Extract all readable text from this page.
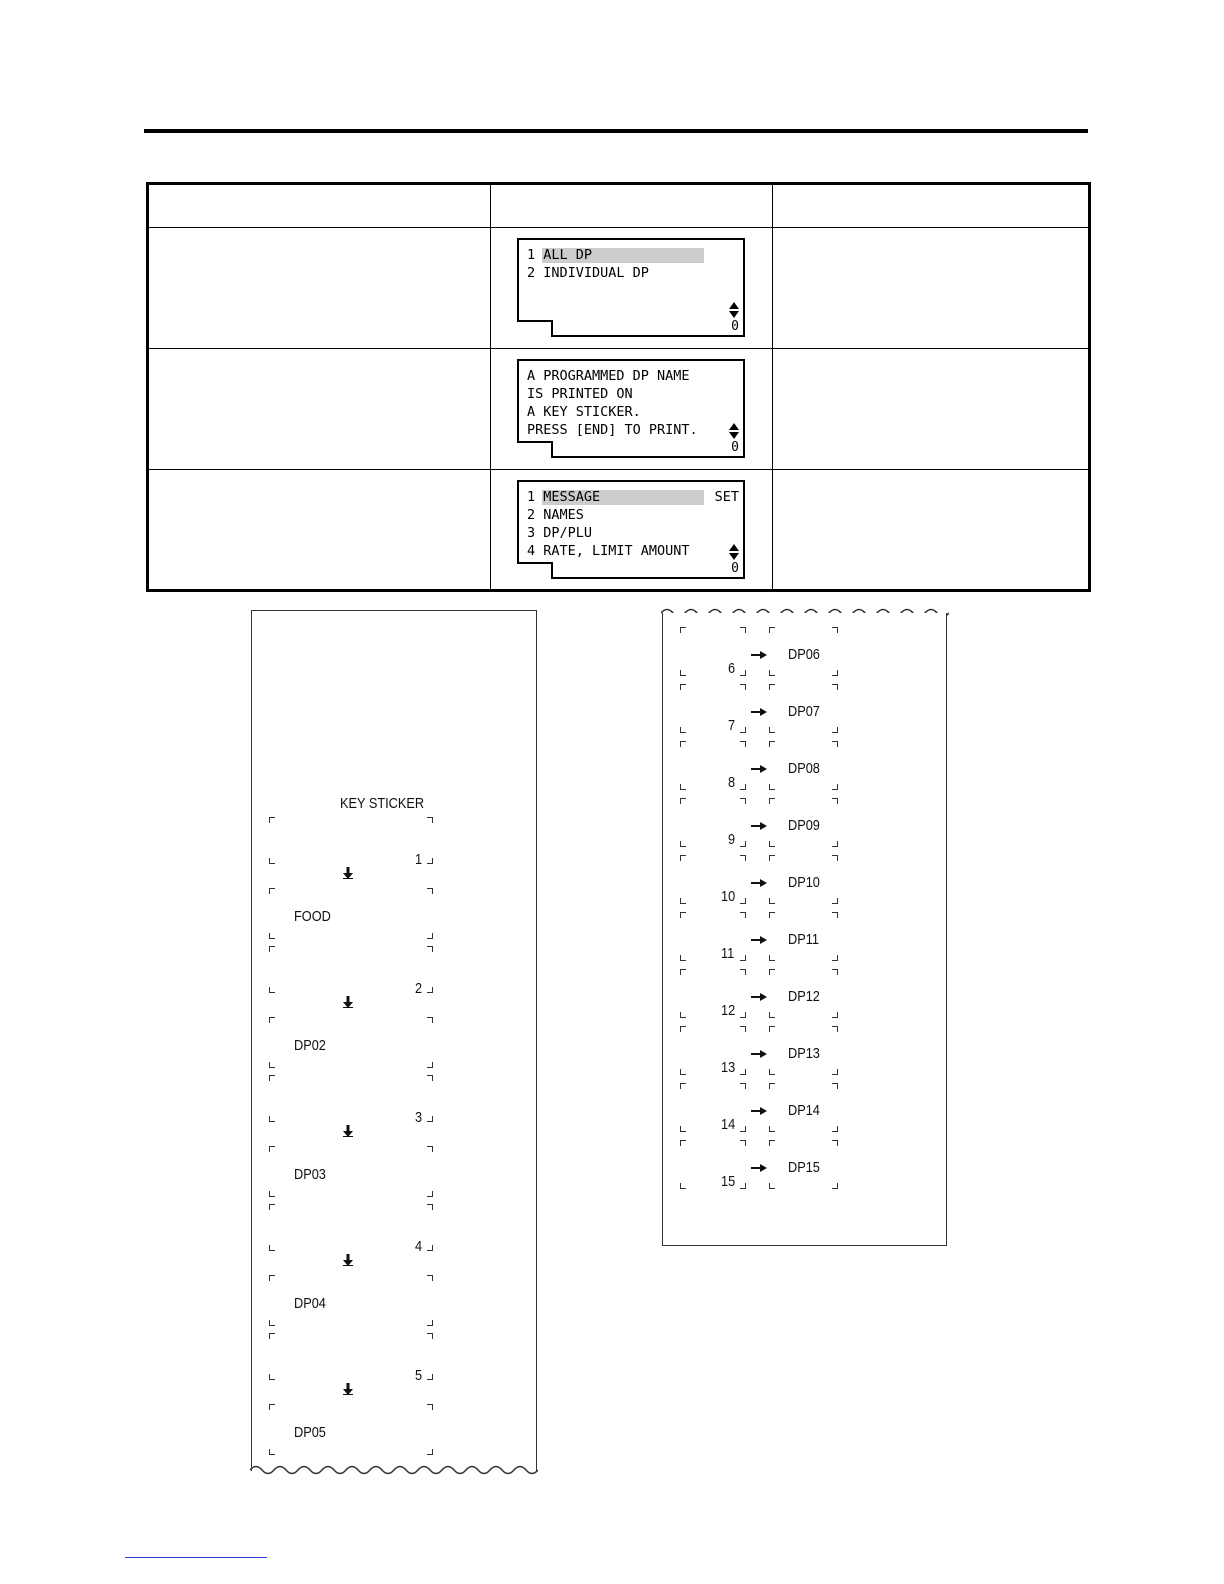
1 ALL DP
2 INDIVIDUAL DP
0
A PROGRAMMED DP NAME
IS PRINTED ON
A KEY STICKER.
PRESS [END] TO PRINT.
0
1 MESSAGE	SET
2 NAMES
3 DP/PLU
4 RATE, LIMIT AMOUNT
0
KEY STICKER
1
FOOD
2
DP02
3
DP03
4
DP04
5
DP05
DP06
6
DP07
7
DP08
8
DP09
9
DP10
10
DP11
11
DP12
12
DP13
13
DP14
14
DP15
15
